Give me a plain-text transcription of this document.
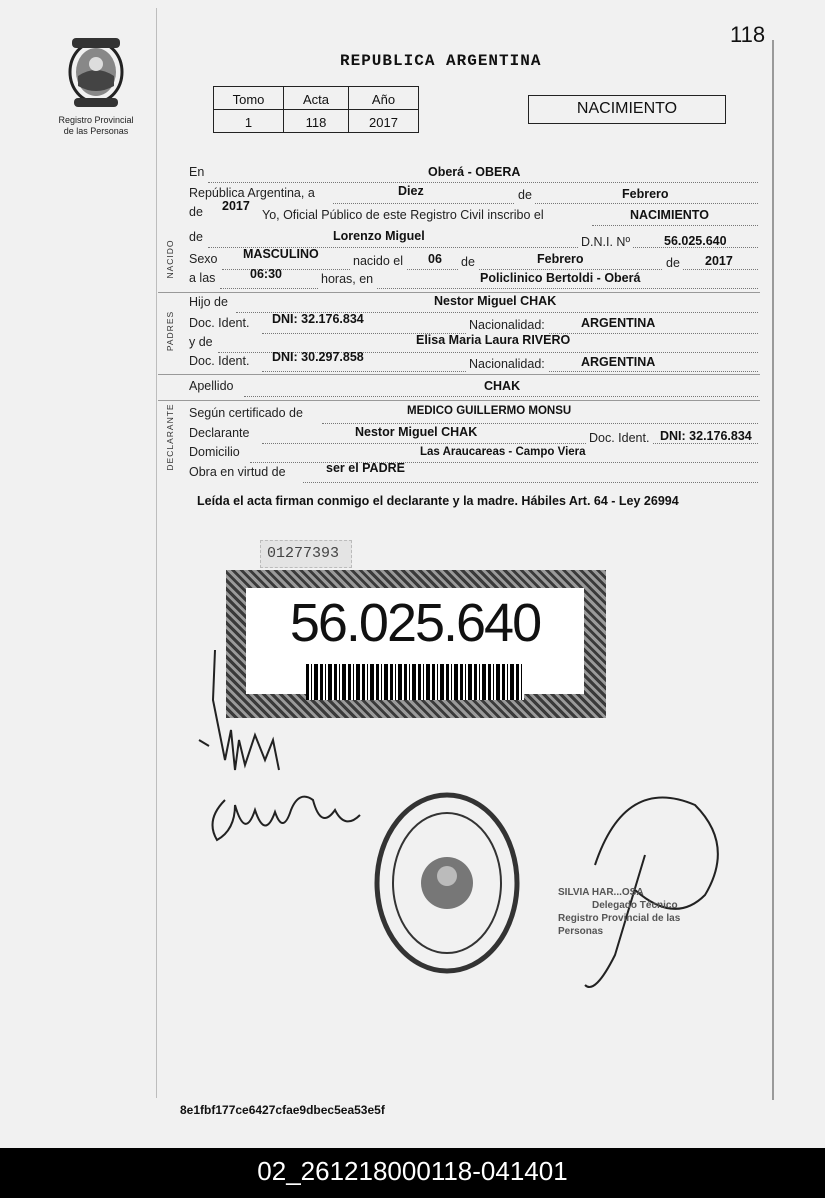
118
Registro Provincial
de las Personas
REPUBLICA ARGENTINA
Tomo	Acta	Año
1	118	2017
NACIMIENTO
En	Oberá - OBERA
República Argentina, a	Diez	de	Febrero
de 2017
Yo, Oficial Público de este Registro Civil inscribo el	NACIMIENTO
NACIDO
de	Lorenzo Miguel	D.N.I. Nº	56.025.640
Sexo MASCULINO	nacido el 06 de	Febrero	de 2017
a las	06:30	horas, en	Policlinico Bertoldi - Oberá
PADRES
Hijo de	Nestor Miguel CHAK
Doc. Ident. DNI: 32.176.834	Nacionalidad:	ARGENTINA
y de	Elisa Maria Laura RIVERO
Doc. Ident. DNI: 30.297.858	Nacionalidad:	ARGENTINA
Apellido	CHAK
DECLARANTE Según certificado de	MEDICO GUILLERMO MONSU
Declarante	Nestor Miguel CHAK	Doc. Ident. DNI: 32.176.834
Domicilio	Las Araucareas - Campo Viera
Obra en virtud de	ser el PADRE
Leída el acta firman conmigo el declarante y la madre. Hábiles Art. 64 - Ley 26994
01277393
56.025.640
SILVIA HAR...OSA
Delegado Técnico
Registro Provincial de las Personas
8e1fbf177ce6427cfae9dbec5ea53e5f
02_261218000118-041401
